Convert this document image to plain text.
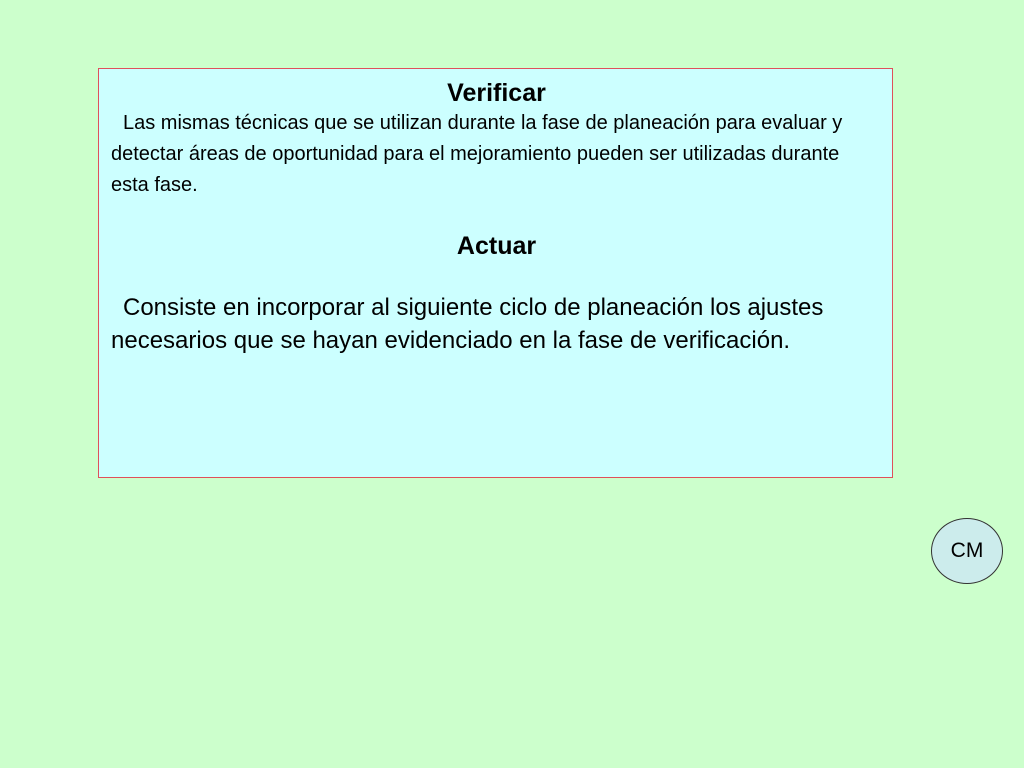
Verificar

Las mismas técnicas que se utilizan durante la fase de planeación para evaluar y detectar áreas de oportunidad para el mejoramiento pueden ser utilizadas durante esta fase.

Actuar

Consiste en incorporar al siguiente ciclo de planeación los ajustes necesarios que se hayan evidenciado en la fase de verificación.

CM
